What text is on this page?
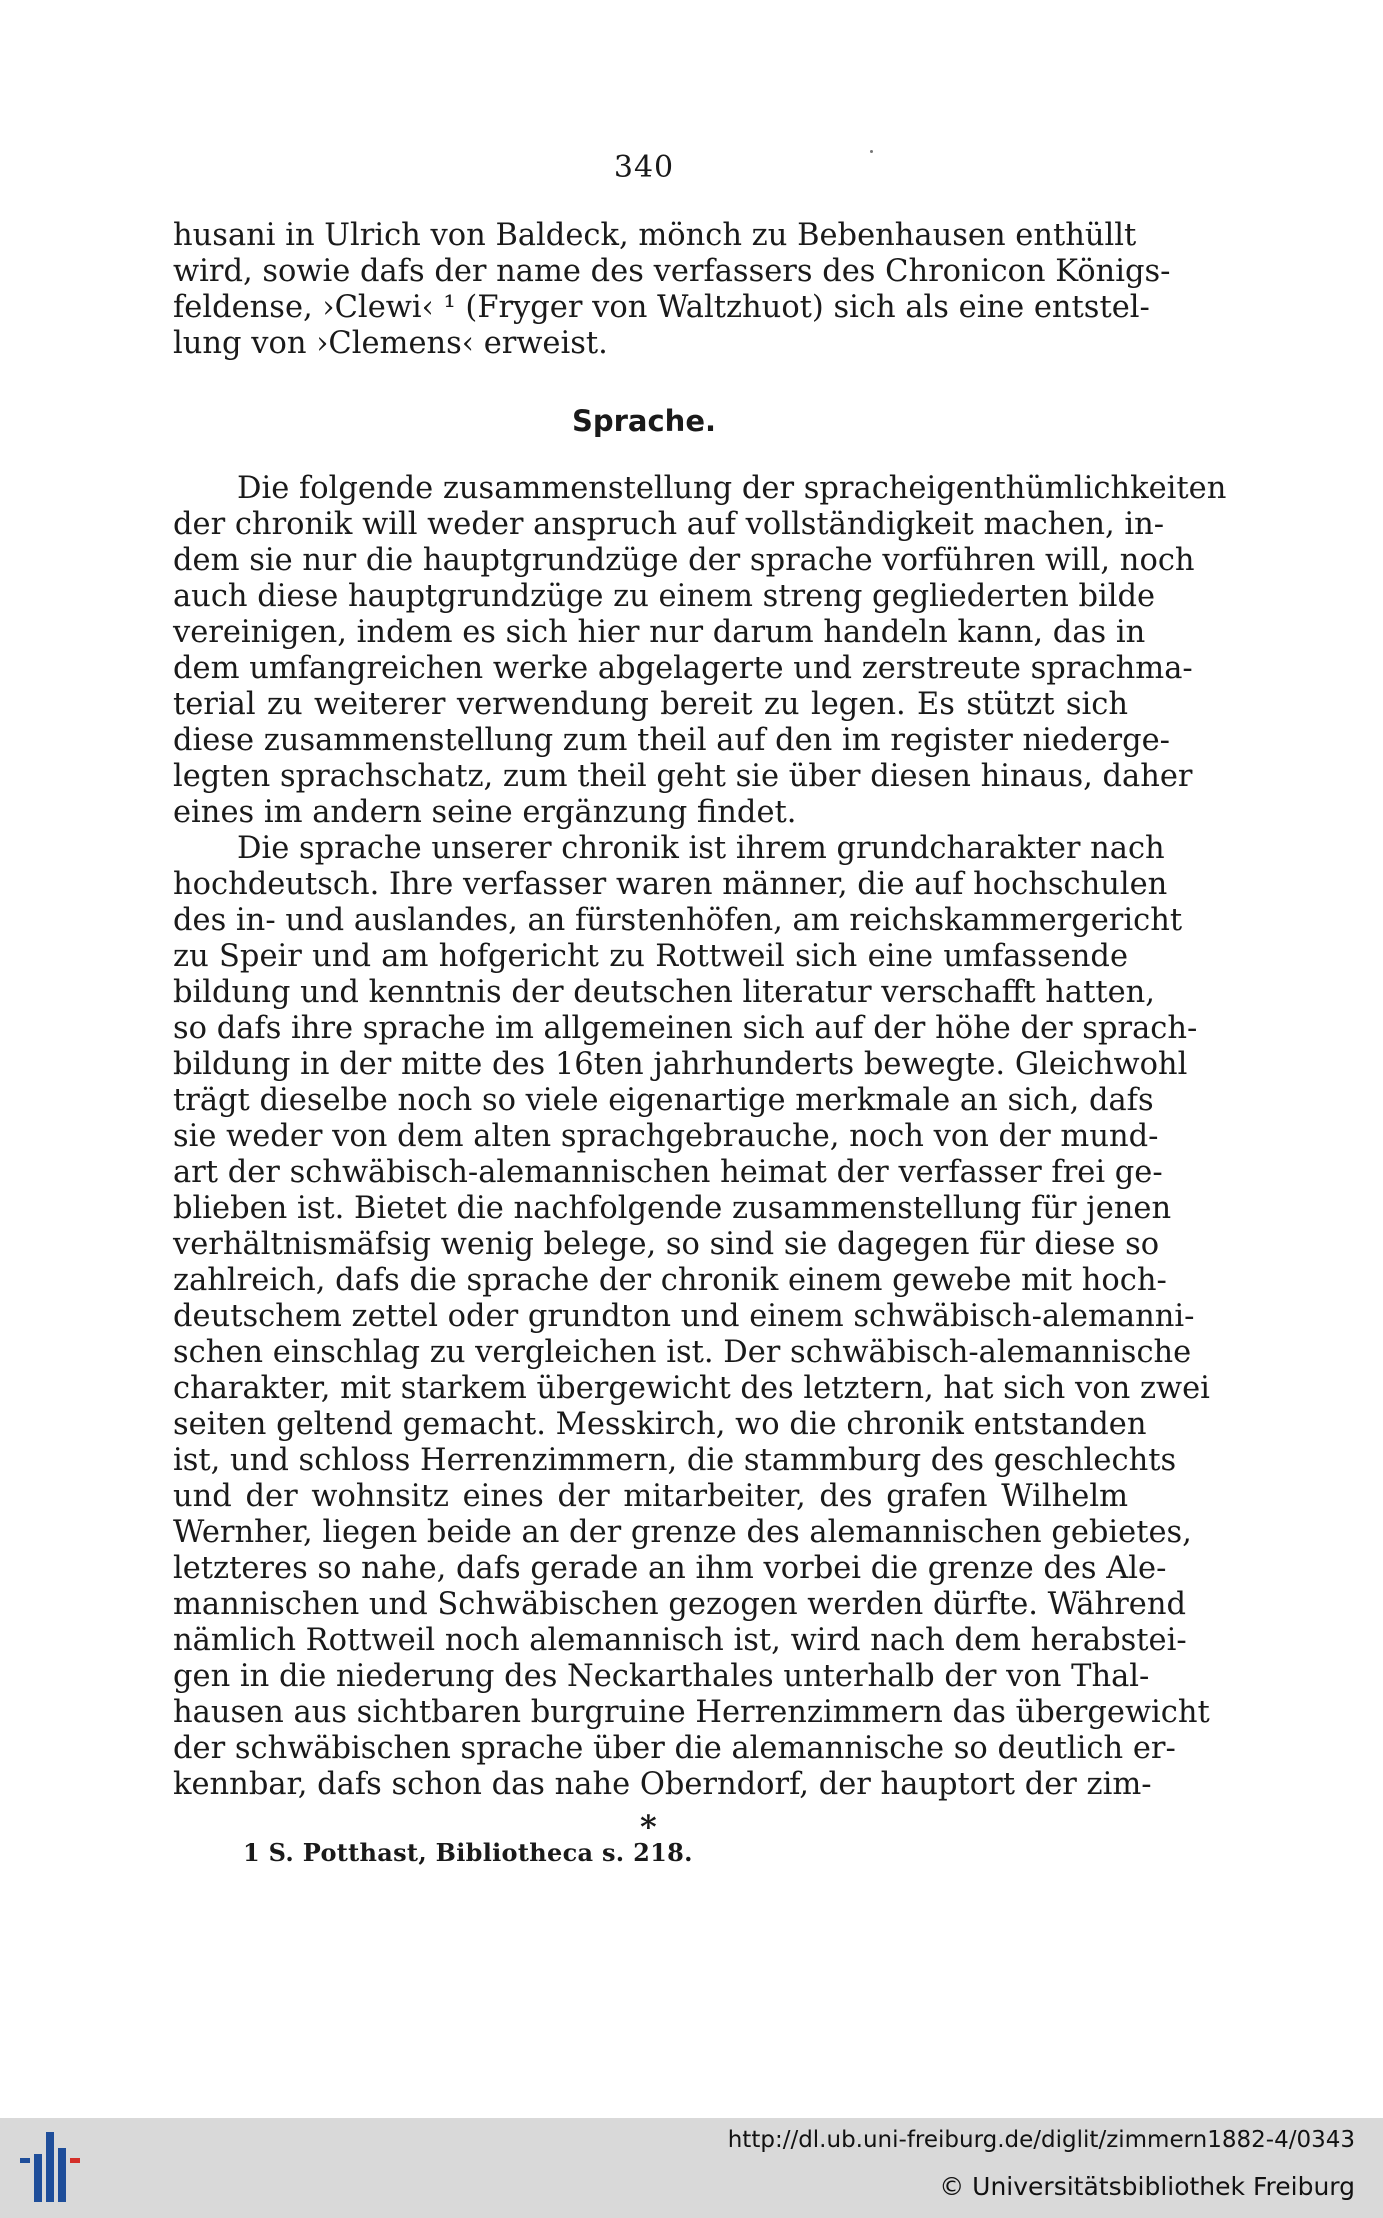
340
husani in Ulrich von Baldeck, mönch zu Bebenhausen enthüllt
wird, sowie dafs der name des verfassers des Chronicon Königs-
feldense, ›Clewi‹ ¹ (Fryger von Waltzhuot) sich als eine entstel-
lung von ›Clemens‹ erweist.
Sprache.
Die folgende zusammenstellung der spracheigenthümlichkeiten
der chronik will weder anspruch auf vollständigkeit machen, in-
dem sie nur die hauptgrundzüge der sprache vorführen will, noch
auch diese hauptgrundzüge zu einem streng gegliederten bilde
vereinigen, indem es sich hier nur darum handeln kann, das in
dem umfangreichen werke abgelagerte und zerstreute sprachma-
terial zu weiterer verwendung bereit zu legen. Es stützt sich
diese zusammenstellung zum theil auf den im register niederge-
legten sprachschatz, zum theil geht sie über diesen hinaus, daher
eines im andern seine ergänzung findet.
Die sprache unserer chronik ist ihrem grundcharakter nach
hochdeutsch. Ihre verfasser waren männer, die auf hochschulen
des in- und auslandes, an fürstenhöfen, am reichskammergericht
zu Speir und am hofgericht zu Rottweil sich eine umfassende
bildung und kenntnis der deutschen literatur verschafft hatten,
so dafs ihre sprache im allgemeinen sich auf der höhe der sprach-
bildung in der mitte des 16ten jahrhunderts bewegte. Gleichwohl
trägt dieselbe noch so viele eigenartige merkmale an sich, dafs
sie weder von dem alten sprachgebrauche, noch von der mund-
art der schwäbisch-alemannischen heimat der verfasser frei ge-
blieben ist. Bietet die nachfolgende zusammenstellung für jenen
verhältnismäfsig wenig belege, so sind sie dagegen für diese so
zahlreich, dafs die sprache der chronik einem gewebe mit hoch-
deutschem zettel oder grundton und einem schwäbisch-alemanni-
schen einschlag zu vergleichen ist. Der schwäbisch-alemannische
charakter, mit starkem übergewicht des letztern, hat sich von zwei
seiten geltend gemacht. Messkirch, wo die chronik entstanden
ist, und schloss Herrenzimmern, die stammburg des geschlechts
und der wohnsitz eines der mitarbeiter, des grafen Wilhelm
Wernher, liegen beide an der grenze des alemannischen gebietes,
letzteres so nahe, dafs gerade an ihm vorbei die grenze des Ale-
mannischen und Schwäbischen gezogen werden dürfte. Während
nämlich Rottweil noch alemannisch ist, wird nach dem herabstei-
gen in die niederung des Neckarthales unterhalb der von Thal-
hausen aus sichtbaren burgruine Herrenzimmern das übergewicht
der schwäbischen sprache über die alemannische so deutlich er-
kennbar, dafs schon das nahe Oberndorf, der hauptort der zim-
*
1 S. Potthast, Bibliotheca s. 218.
http://dl.ub.uni-freiburg.de/diglit/zimmern1882-4/0343
© Universitätsbibliothek Freiburg
